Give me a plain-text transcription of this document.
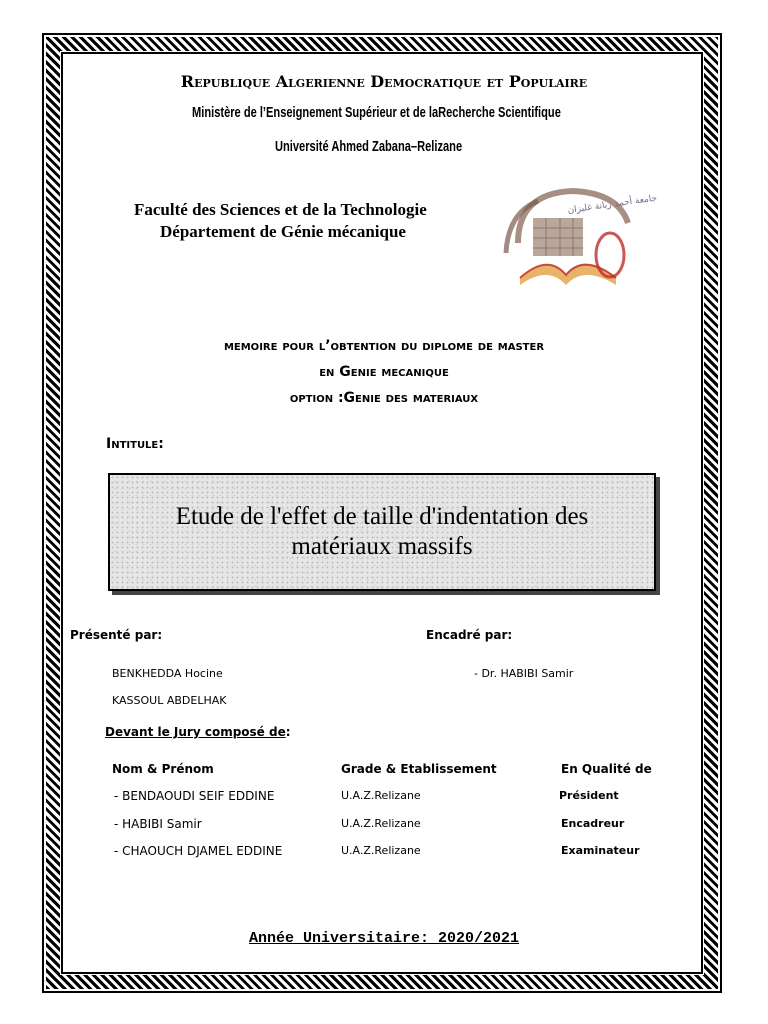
Republique Algerienne Democratique et Populaire
Ministère de l’Enseignement Supérieur et de laRecherche Scientifique
Université Ahmed Zabana–Relizane
Faculté des Sciences et de la Technologie
Département de Génie mécanique
جامعة أحمد زبانة غليزان
memoire pour l’obtention du diplome de master
en Genie mecanique
option :Genie des materiaux
Intitule:
Etude de l'effet de taille d'indentation des matériaux massifs
Présenté par:	Encadré par:
BENKHEDDA Hocine
KASSOUL ABDELHAK
- Dr. HABIBI Samir
Devant le Jury composé de:
Nom & Prénom	Grade & Etablissement	En Qualité de
- BENDAOUDI SEIF EDDINE	U.A.Z.Relizane	Président
- HABIBI Samir	U.A.Z.Relizane	Encadreur
- CHAOUCH DJAMEL EDDINE	U.A.Z.Relizane	Examinateur
Année Universitaire: 2020/2021
